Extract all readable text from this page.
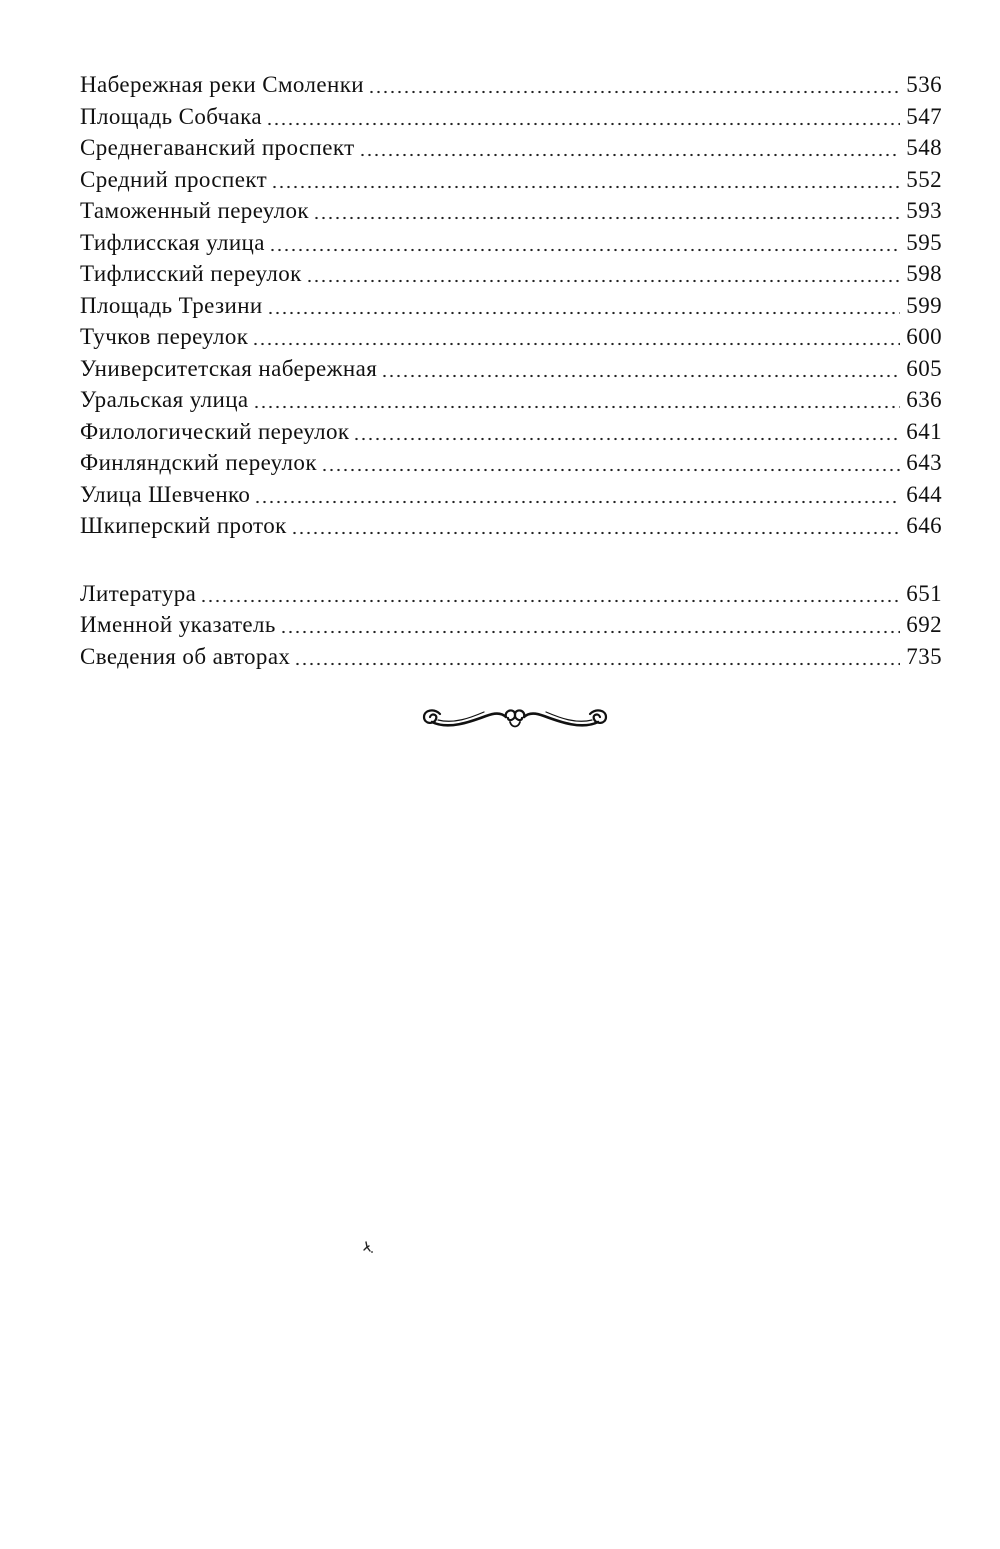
Набережная реки Смоленки	536
Площадь Собчака	547
Среднегаванский проспект	548
Средний проспект	552
Таможенный переулок	593
Тифлисская улица	595
Тифлисский переулок	598
Площадь Трезини	599
Тучков переулок	600
Университетская набережная	605
Уральская улица	636
Филологический переулок	641
Финляндский переулок	643
Улица Шевченко	644
Шкиперский проток	646
Литература	651
Именной указатель	692
Сведения об авторах	735
